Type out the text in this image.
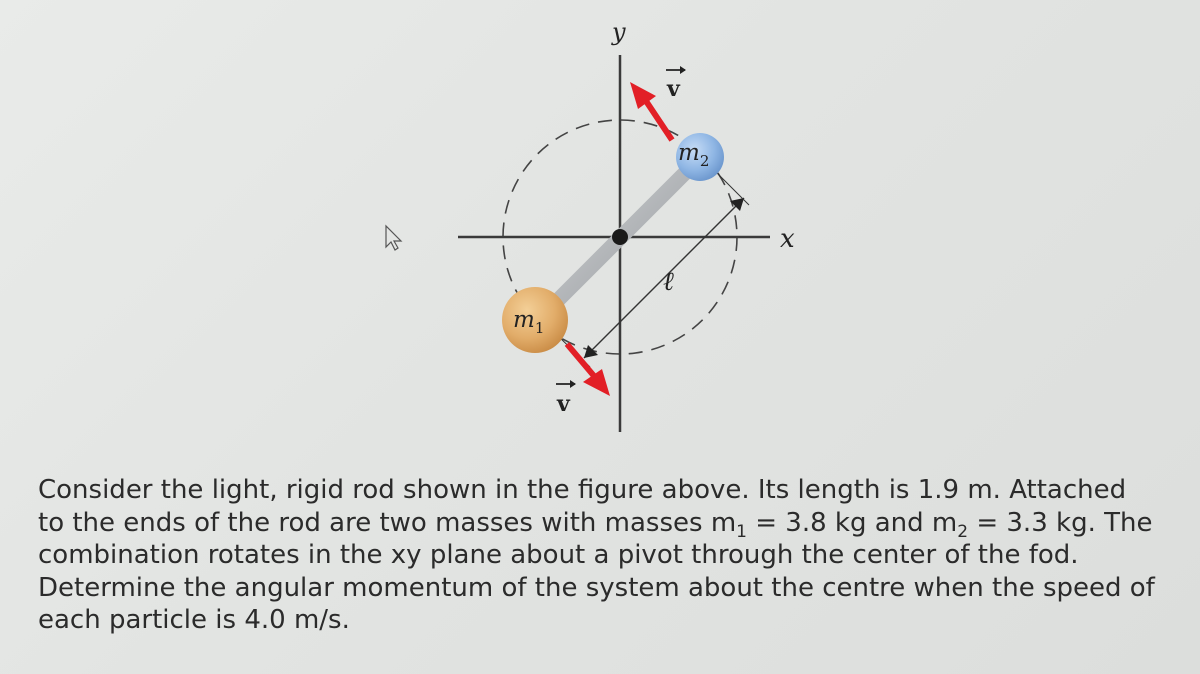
y
x
$m_2$
$m_1$
ℓ
v
v
Consider the light, rigid rod shown in the figure above. Its length is 1.9 m. Attached
to the ends of the rod are two masses with masses $m_1 = 3.8$ kg and $m_2 = 3.3$ kg. The
combination rotates in the xy plane about a pivot through the center of the fod.
Determine the angular momentum of the system about the centre when the speed of
each particle is 4.0 m/s.
